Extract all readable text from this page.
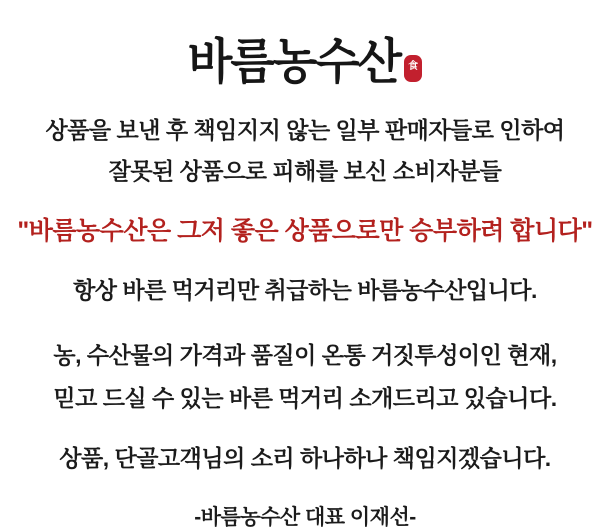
바름농수산 食
상품을 보낸 후 책임지지 않는 일부 판매자들로 인하여
잘못된 상품으로 피해를 보신 소비자분들
"바름농수산은 그저 좋은 상품으로만 승부하려 합니다"
항상 바른 먹거리만 취급하는 바름농수산입니다.
농, 수산물의 가격과 품질이 온통 거짓투성이인 현재,
믿고 드실 수 있는 바른 먹거리 소개드리고 있습니다.
상품, 단골고객님의 소리 하나하나 책임지겠습니다.
-바름농수산 대표 이재선-
